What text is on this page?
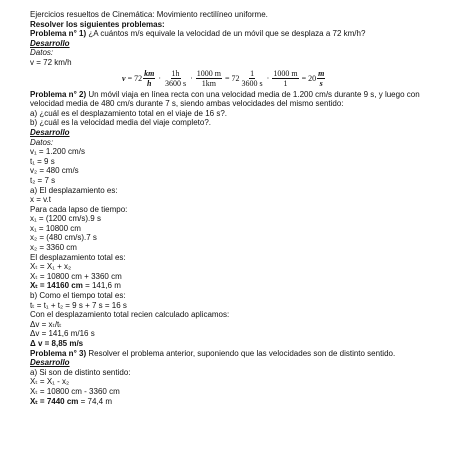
Ejercicios resueltos de Cinemática: Movimiento rectilíneo uniforme.
Resolver los siguientes problemas:
Problema n° 1) ¿A cuántos m/s equivale la velocidad de un móvil que se desplaza a 72 km/h?
Desarrollo
Datos:
v = 72 km/h
$v = 72 \frac{km}{h} \cdot \frac{1h}{3600 s} \cdot \frac{1000 m}{1km} = 72 \frac{1}{3600 s} \cdot \frac{1000 m}{1} = 20 \frac{m}{s}$
Problema n° 2) Un móvil viaja en línea recta con una velocidad media de 1.200 cm/s durante 9 s, y luego con velocidad media de 480 cm/s durante 7 s, siendo ambas velocidades del mismo sentido:
a) ¿cuál es el desplazamiento total en el viaje de 16 s?.
b) ¿cuál es la velocidad media del viaje completo?.
Desarrollo
Datos:
v₁ = 1.200 cm/s
t₁ = 9 s
v₂ = 480 cm/s
t₂ = 7 s
a) El desplazamiento es:
x = v.t
Para cada lapso de tiempo:
x₁ = (1200 cm/s).9 s
x₁ = 10800 cm
x₂ = (480 cm/s).7 s
x₂ = 3360 cm
El desplazamiento total es:
Xₜ = X₁ + x₂
Xₜ = 10800 cm + 3360 cm
Xₜ = 14160 cm = 141,6 m
b) Como el tiempo total es:
tₜ = t₁ + t₂ = 9 s + 7 s = 16 s
Con el desplazamiento total recien calculado aplicamos:
Δv = xₜ/tₜ
Δv = 141,6 m/16 s
Δ v = 8,85 m/s
Problema n° 3) Resolver el problema anterior, suponiendo que las velocidades son de distinto sentido.
Desarrollo
a) Si son de distinto sentido:
Xₜ = X₁ - x₂
Xₜ = 10800 cm - 3360 cm
Xₜ = 7440 cm = 74,4 m
